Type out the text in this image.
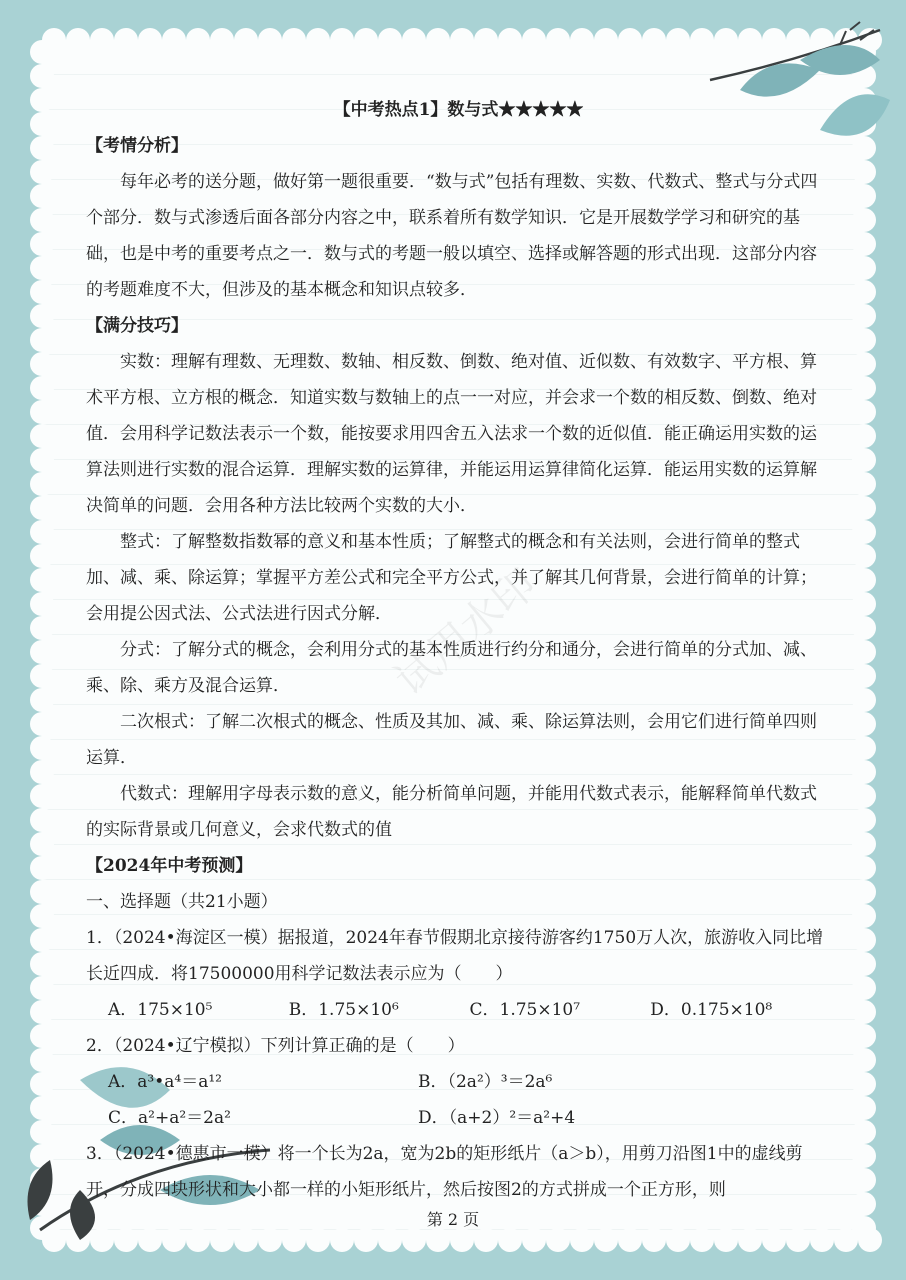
试用水印

【中考热点1】数与式★★★★★

【考情分析】

每年必考的送分题，做好第一题很重要．“数与式”包括有理数、实数、代数式、整式与分式四个部分．数与式渗透后面各部分内容之中，联系着所有数学知识．它是开展数学学习和研究的基础，也是中考的重要考点之一．数与式的考题一般以填空、选择或解答题的形式出现．这部分内容的考题难度不大，但涉及的基本概念和知识点较多．

【满分技巧】

实数：理解有理数、无理数、数轴、相反数、倒数、绝对值、近似数、有效数字、平方根、算术平方根、立方根的概念．知道实数与数轴上的点一一对应，并会求一个数的相反数、倒数、绝对值．会用科学记数法表示一个数，能按要求用四舍五入法求一个数的近似值．能正确运用实数的运算法则进行实数的混合运算．理解实数的运算律，并能运用运算律简化运算．能运用实数的运算解决简单的问题．会用各种方法比较两个实数的大小．

整式：了解整数指数幂的意义和基本性质；了解整式的概念和有关法则，会进行简单的整式加、减、乘、除运算；掌握平方差公式和完全平方公式，并了解其几何背景，会进行简单的计算；会用提公因式法、公式法进行因式分解．

分式：了解分式的概念，会利用分式的基本性质进行约分和通分，会进行简单的分式加、减、乘、除、乘方及混合运算．

二次根式：了解二次根式的概念、性质及其加、减、乘、除运算法则，会用它们进行简单四则运算．

代数式：理解用字母表示数的意义，能分析简单问题，并能用代数式表示，能解释简单代数式的实际背景或几何意义，会求代数式的值

【2024年中考预测】

一、选择题（共21小题）

1．（2024•海淀区一模）据报道，2024年春节假期北京接待游客约1750万人次，旅游收入同比增长近四成．将17500000用科学记数法表示应为（　　）

A．175×10⁵	B．1.75×10⁶	C．1.75×10⁷	D．0.175×10⁸

2．（2024•辽宁模拟）下列计算正确的是（　　）

A．a³•a⁴＝a¹²	B．（2a²）³＝2a⁶
C．a²+a²＝2a²	D．（a+2）²＝a²+4

3．（2024•德惠市一模）将一个长为2a，宽为2b的矩形纸片（a＞b），用剪刀沿图1中的虚线剪开，分成四块形状和大小都一样的小矩形纸片，然后按图2的方式拼成一个正方形，则

第 2 页
